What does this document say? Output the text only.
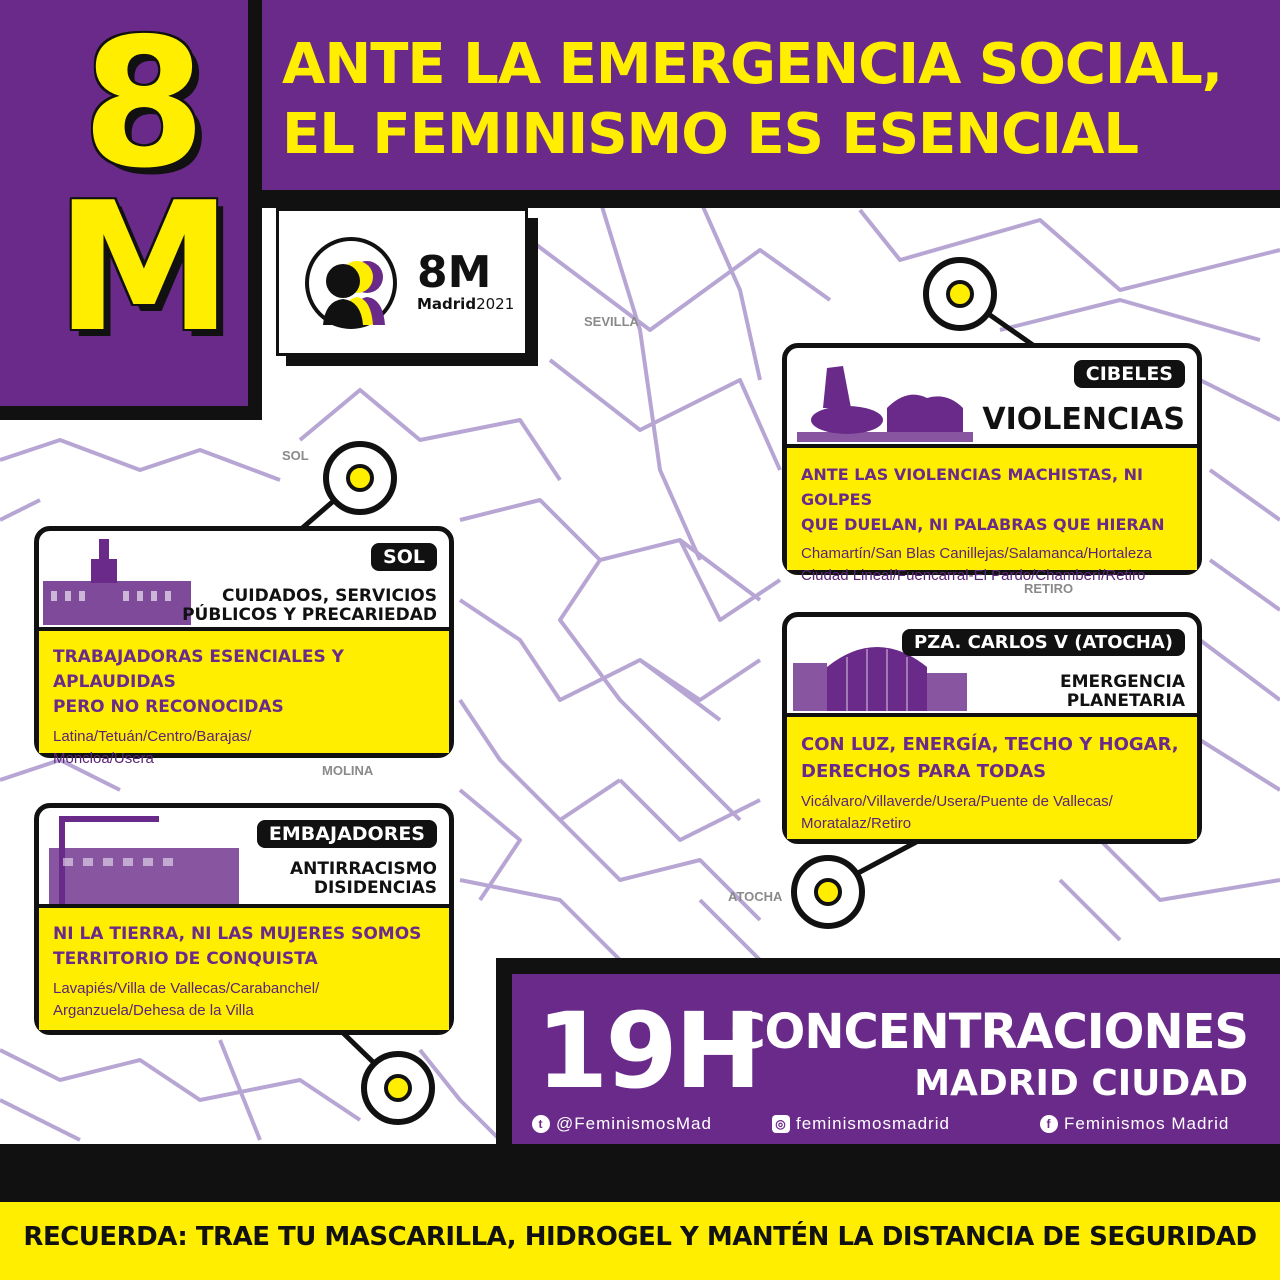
8
M
ANTE LA EMERGENCIA SOCIAL,
EL FEMINISMO ES ESENCIAL
8M
Madrid2021
SEVILLA
SOL
RETIRO
MOLINA
ATOCHA
SOL
CUIDADOS, SERVICIOS
PÚBLICOS Y PRECARIEDAD
TRABAJADORAS ESENCIALES Y APLAUDIDAS
PERO NO RECONOCIDAS
Latina/Tetuán/Centro/Barajas/
Moncloa/Usera
EMBAJADORES
ANTIRRACISMO
DISIDENCIAS
NI LA TIERRA, NI LAS MUJERES SOMOS
TERRITORIO DE CONQUISTA
Lavapiés/Villa de Vallecas/Carabanchel/
Arganzuela/Dehesa de la Villa
CIBELES
VIOLENCIAS
ANTE LAS VIOLENCIAS MACHISTAS, NI GOLPES
QUE DUELAN, NI PALABRAS QUE HIERAN
Chamartín/San Blas Canillejas/Salamanca/Hortaleza
Ciudad Lineal/Fuencarral-El Pardo/Chamberí/Retiro
PZA. CARLOS V (ATOCHA)
EMERGENCIA
PLANETARIA
CON LUZ, ENERGÍA, TECHO Y HOGAR,
DERECHOS PARA TODAS
Vicálvaro/Villaverde/Usera/Puente de Vallecas/
Moratalaz/Retiro
19H
CONCENTRACIONES
MADRID CIUDAD
t @FeminismosMad	◎ feminismosmadrid	f Feminismos Madrid
RECUERDA: TRAE TU MASCARILLA, HIDROGEL Y MANTÉN LA DISTANCIA DE SEGURIDAD
